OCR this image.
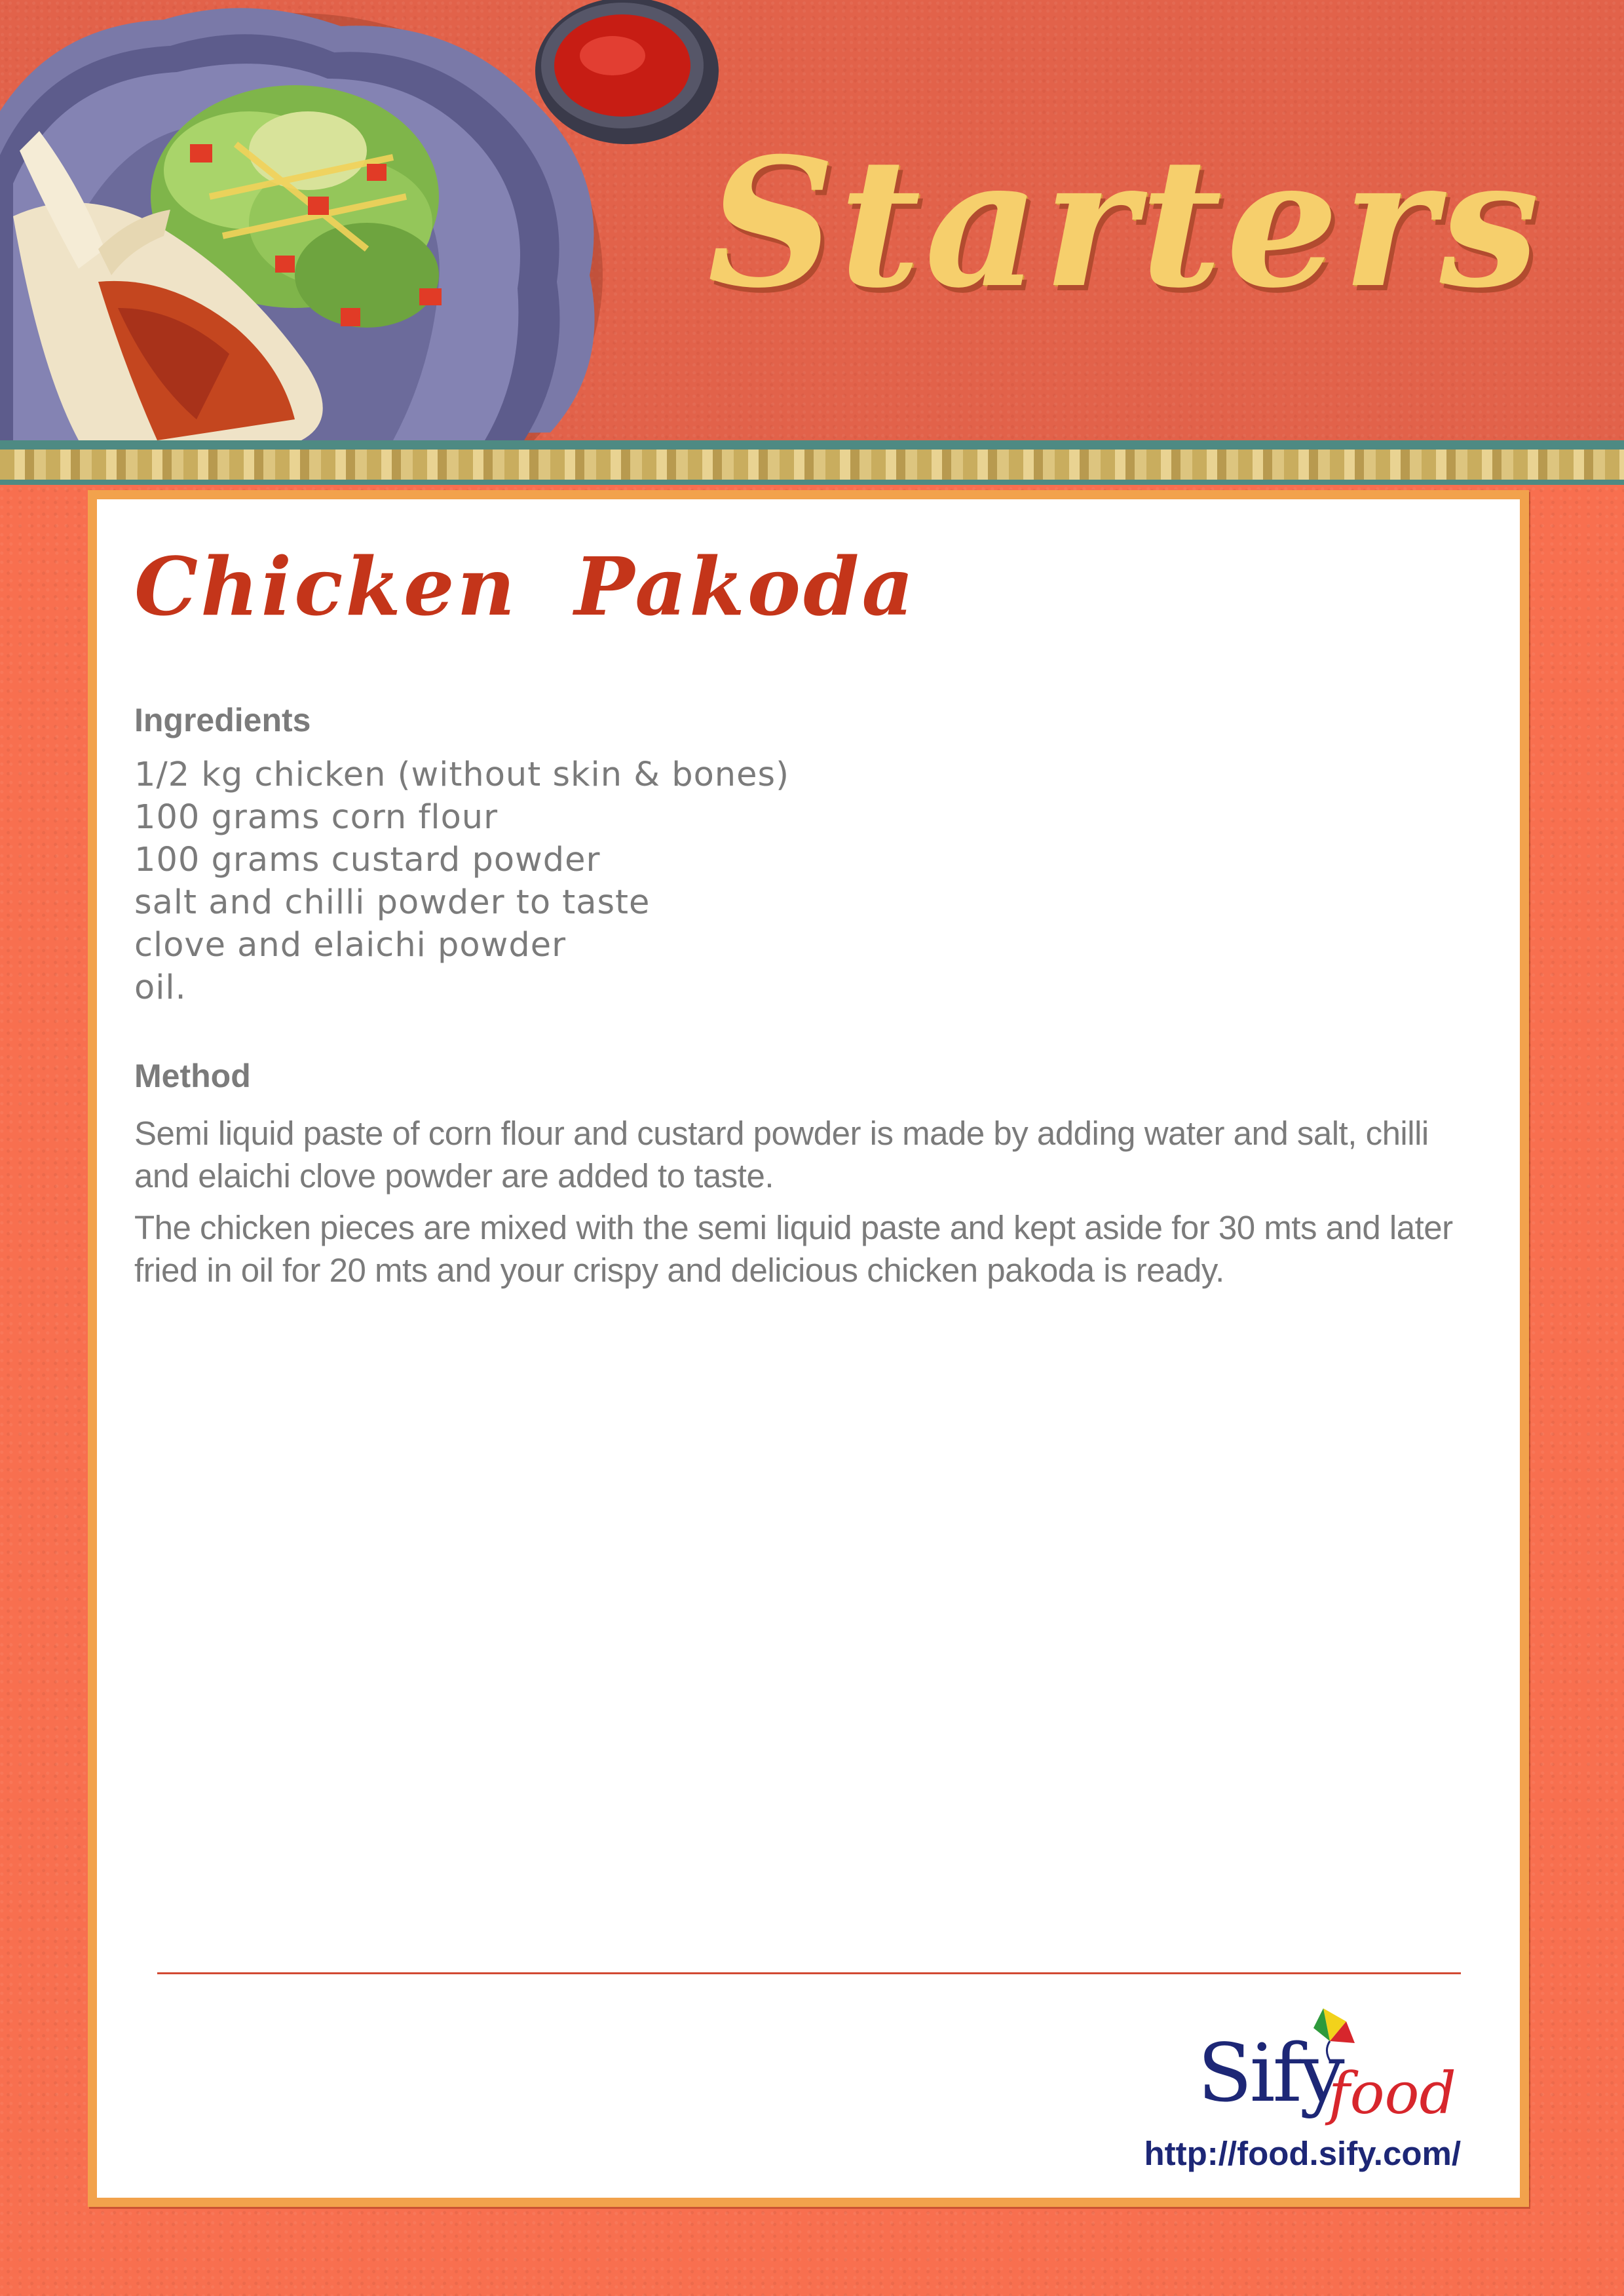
Starters
Chicken Pakoda
Ingredients
1/2 kg chicken (without skin & bones)
100 grams corn flour
100 grams custard powder
salt and chilli powder to taste
clove and elaichi powder
oil.
Method

Semi liquid paste of corn flour and custard powder is made by adding water and salt, chilli and elaichi clove powder are added to taste.

The chicken pieces are mixed with the semi liquid paste and kept aside for 30 mts and later fried in oil for 20 mts and your crispy and delicious chicken pakoda is ready.

Sify
food
http://food.sify.com/
